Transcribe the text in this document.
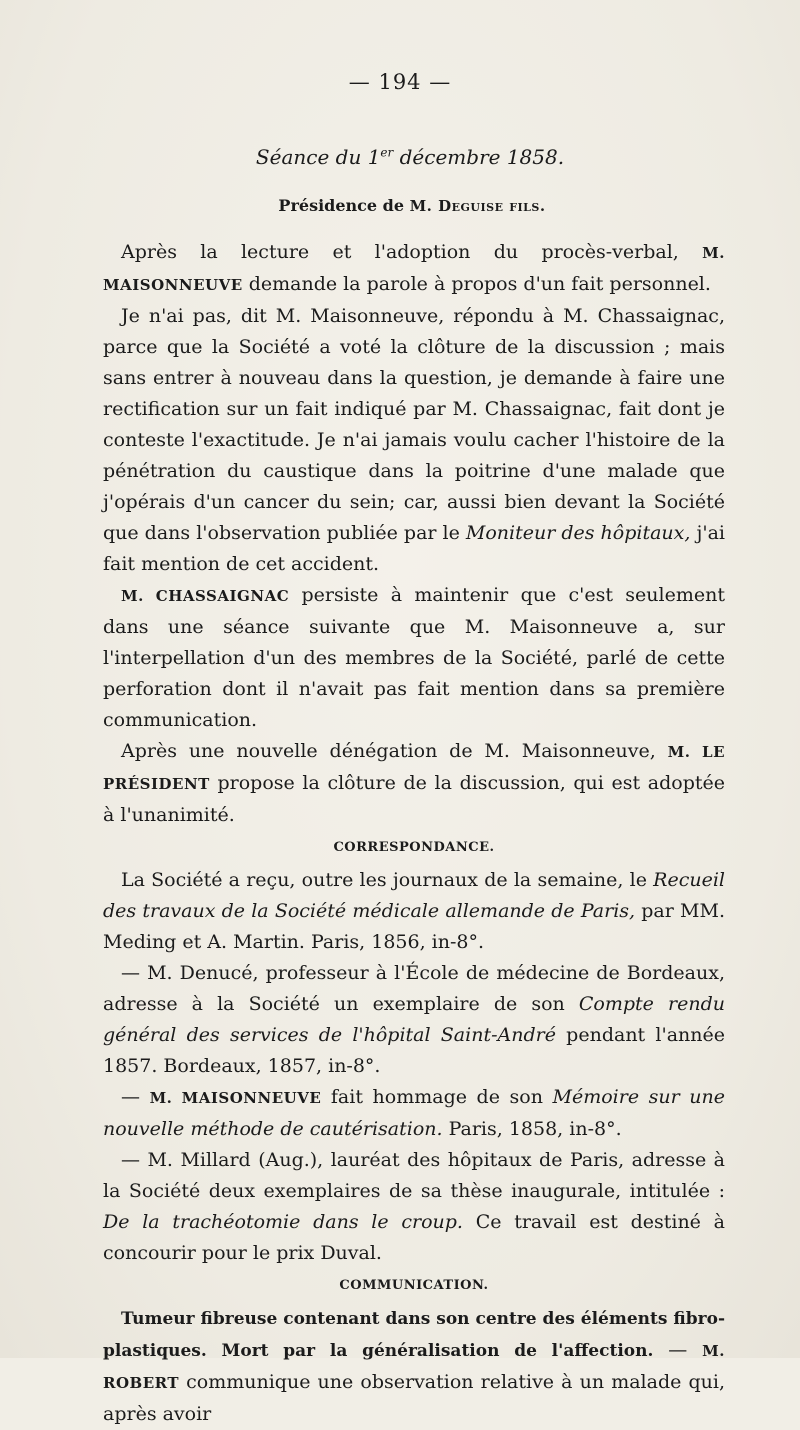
— 194 —
Séance du 1er décembre 1858.
Présidence de M. Deguise fils.

Après la lecture et l'adoption du procès-verbal, M. MAISONNEUVE demande la parole à propos d'un fait personnel.

Je n'ai pas, dit M. Maisonneuve, répondu à M. Chassaignac, parce que la Société a voté la clôture de la discussion ; mais sans entrer à nouveau dans la question, je demande à faire une rectification sur un fait indiqué par M. Chassaignac, fait dont je conteste l'exactitude. Je n'ai jamais voulu cacher l'histoire de la pénétration du caustique dans la poitrine d'une malade que j'opérais d'un cancer du sein; car, aussi bien devant la Société que dans l'observation publiée par le Moniteur des hôpitaux, j'ai fait mention de cet accident.

M. CHASSAIGNAC persiste à maintenir que c'est seulement dans une séance suivante que M. Maisonneuve a, sur l'interpellation d'un des membres de la Société, parlé de cette perforation dont il n'avait pas fait mention dans sa première communication.

Après une nouvelle dénégation de M. Maisonneuve, M. LE PRÉSIDENT propose la clôture de la discussion, qui est adoptée à l'unanimité.

CORRESPONDANCE.

La Société a reçu, outre les journaux de la semaine, le Recueil des travaux de la Société médicale allemande de Paris, par MM. Meding et A. Martin. Paris, 1856, in-8°.

— M. Denucé, professeur à l'École de médecine de Bordeaux, adresse à la Société un exemplaire de son Compte rendu général des services de l'hôpital Saint-André pendant l'année 1857. Bordeaux, 1857, in-8°.

— M. MAISONNEUVE fait hommage de son Mémoire sur une nouvelle méthode de cautérisation. Paris, 1858, in-8°.

— M. Millard (Aug.), lauréat des hôpitaux de Paris, adresse à la Société deux exemplaires de sa thèse inaugurale, intitulée : De la trachéotomie dans le croup. Ce travail est destiné à concourir pour le prix Duval.

COMMUNICATION.

Tumeur fibreuse contenant dans son centre des éléments fibro-plastiques. Mort par la généralisation de l'affection. — M. ROBERT communique une observation relative à un malade qui, après avoir
